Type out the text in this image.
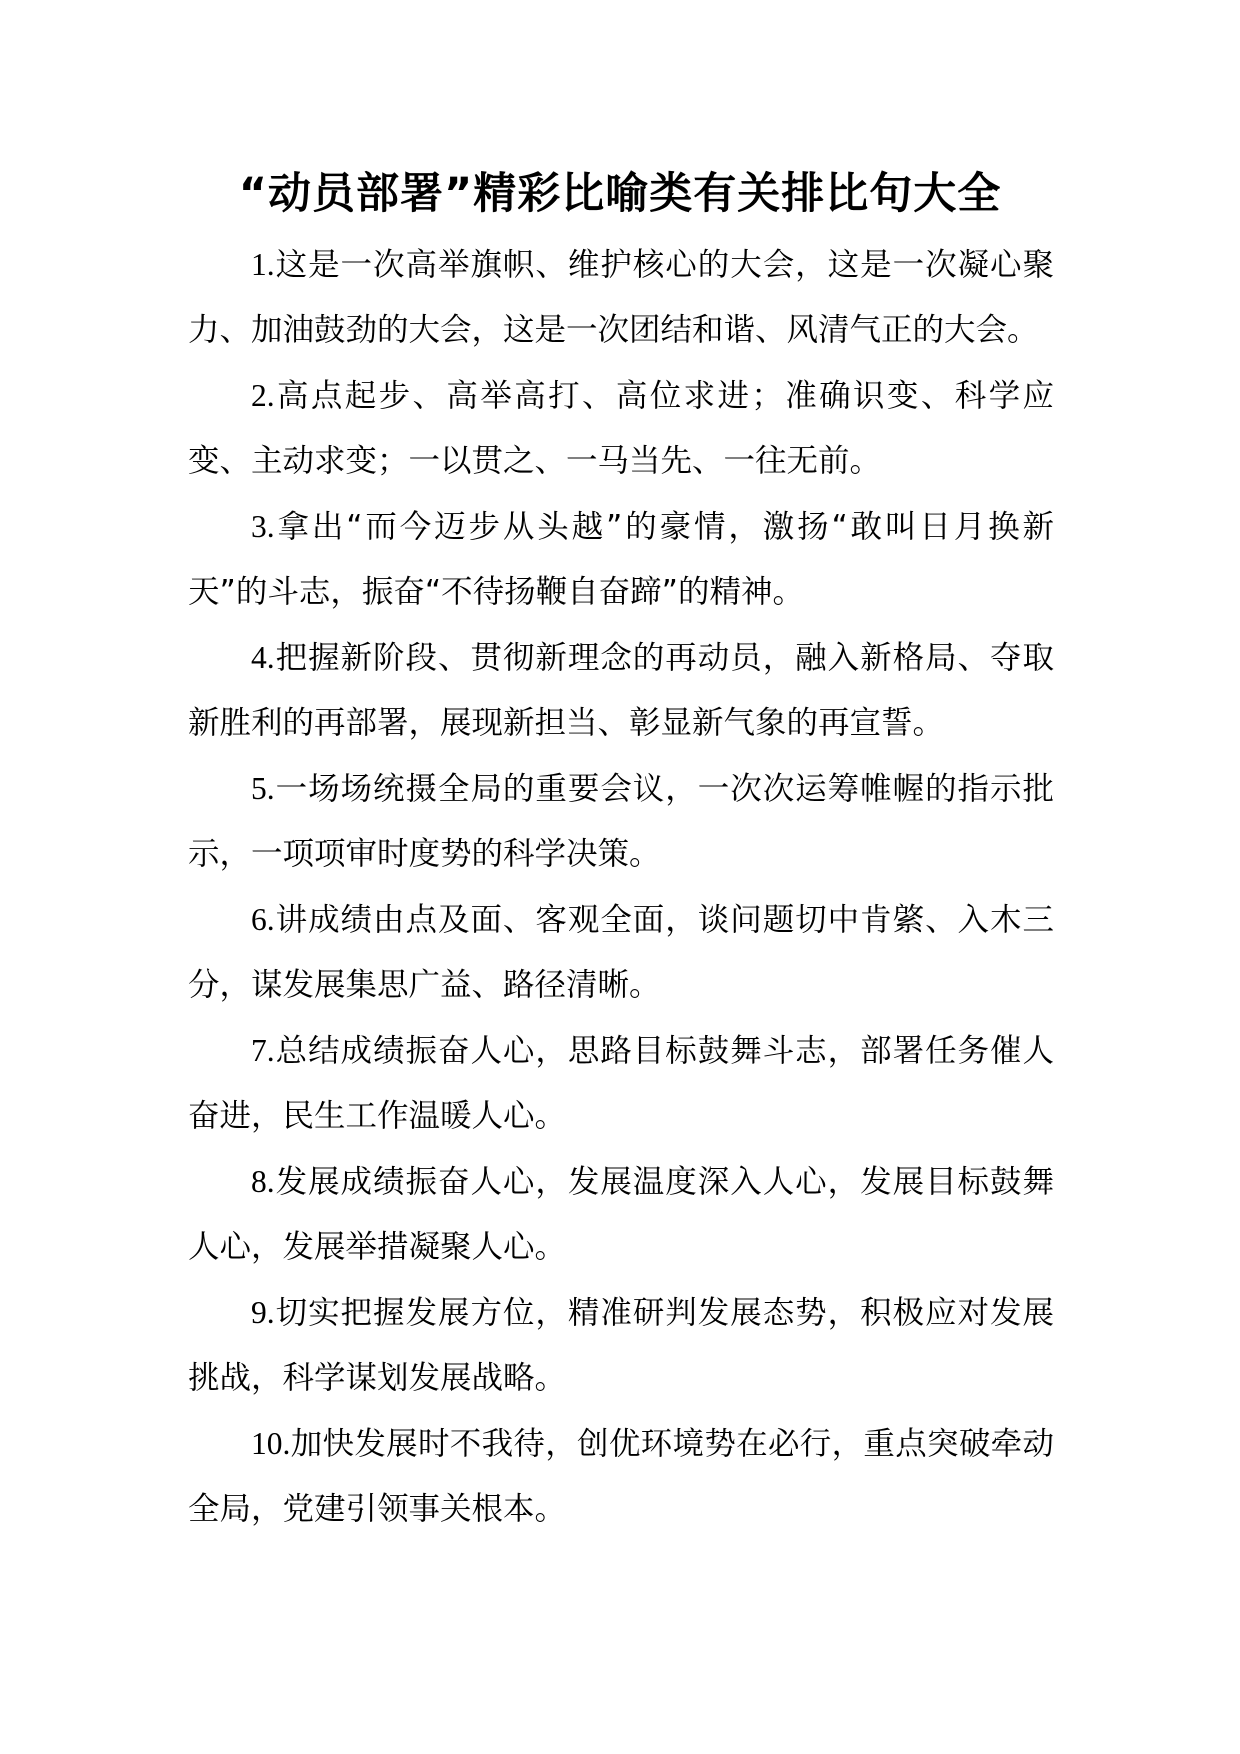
“动员部署”精彩比喻类有关排比句大全

1.这是一次高举旗帜、维护核心的大会，这是一次凝心聚力、加油鼓劲的大会，这是一次团结和谐、风清气正的大会。

2.高点起步、高举高打、高位求进；准确识变、科学应变、主动求变；一以贯之、一马当先、一往无前。

3.拿出“而今迈步从头越”的豪情，激扬“敢叫日月换新天”的斗志，振奋“不待扬鞭自奋蹄”的精神。

4.把握新阶段、贯彻新理念的再动员，融入新格局、夺取新胜利的再部署，展现新担当、彰显新气象的再宣誓。

5.一场场统摄全局的重要会议，一次次运筹帷幄的指示批示，一项项审时度势的科学决策。

6.讲成绩由点及面、客观全面，谈问题切中肯綮、入木三分，谋发展集思广益、路径清晰。

7.总结成绩振奋人心，思路目标鼓舞斗志，部署任务催人奋进，民生工作温暖人心。

8.发展成绩振奋人心，发展温度深入人心，发展目标鼓舞人心，发展举措凝聚人心。

9.切实把握发展方位，精准研判发展态势，积极应对发展挑战，科学谋划发展战略。

10.加快发展时不我待，创优环境势在必行，重点突破牵动全局，党建引领事关根本。
